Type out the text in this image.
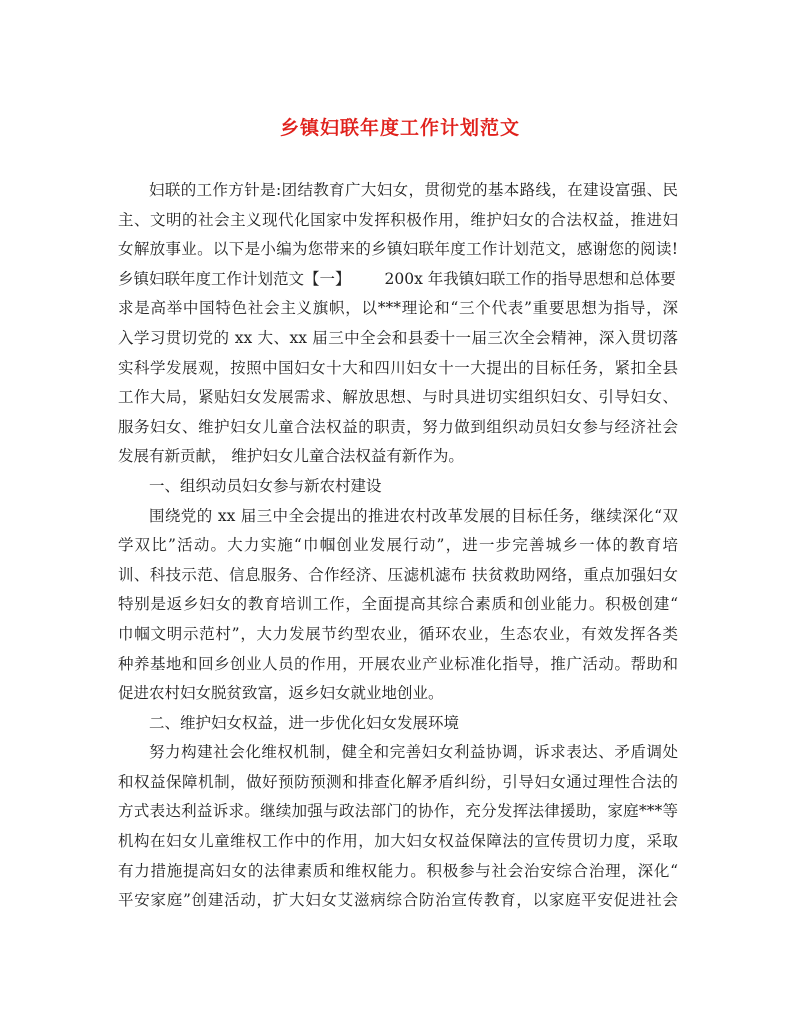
乡镇妇联年度工作计划范文
妇联的工作方针是:团结教育广大妇女，贯彻党的基本路线，在建设富强、民
主、文明的社会主义现代化国家中发挥积极作用，维护妇女的合法权益，推进妇
女解放事业。以下是小编为您带来的乡镇妇联年度工作计划范文，感谢您的阅读!
乡镇妇联年度工作计划范文【一】 200x 年我镇妇联工作的指导思想和总体要
求是高举中国特色社会主义旗帜，以***理论和“三个代表”重要思想为指导，深
入学习贯切党的 xx 大、xx 届三中全会和县委十一届三次全会精神，深入贯切落
实科学发展观，按照中国妇女十大和四川妇女十一大提出的目标任务，紧扣全县
工作大局，紧贴妇女发展需求、解放思想、与时具进切实组织妇女、引导妇女、
服务妇女、维护妇女儿童合法权益的职责，努力做到组织动员妇女参与经济社会
发展有新贡献， 维护妇女儿童合法权益有新作为。
一、组织动员妇女参与新农村建设
围绕党的 xx 届三中全会提出的推进农村改革发展的目标任务，继续深化“双
学双比”活动。大力实施“巾帼创业发展行动”，进一步完善城乡一体的教育培
训、科技示范、信息服务、合作经济、压滤机滤布 扶贫救助网络，重点加强妇女
特别是返乡妇女的教育培训工作，全面提高其综合素质和创业能力。积极创建“
巾帼文明示范村”，大力发展节约型农业，循环农业，生态农业，有效发挥各类
种养基地和回乡创业人员的作用，开展农业产业标准化指导，推广活动。帮助和
促进农村妇女脱贫致富，返乡妇女就业地创业。
二、维护妇女权益，进一步优化妇女发展环境
努力构建社会化维权机制，健全和完善妇女利益协调，诉求表达、矛盾调处
和权益保障机制，做好预防预测和排查化解矛盾纠纷，引导妇女通过理性合法的
方式表达利益诉求。继续加强与政法部门的协作，充分发挥法律援助，家庭***等
机构在妇女儿童维权工作中的作用，加大妇女权益保障法的宣传贯切力度，采取
有力措施提高妇女的法律素质和维权能力。积极参与社会治安综合治理，深化“
平安家庭”创建活动，扩大妇女艾滋病综合防治宣传教育，以家庭平安促进社会
